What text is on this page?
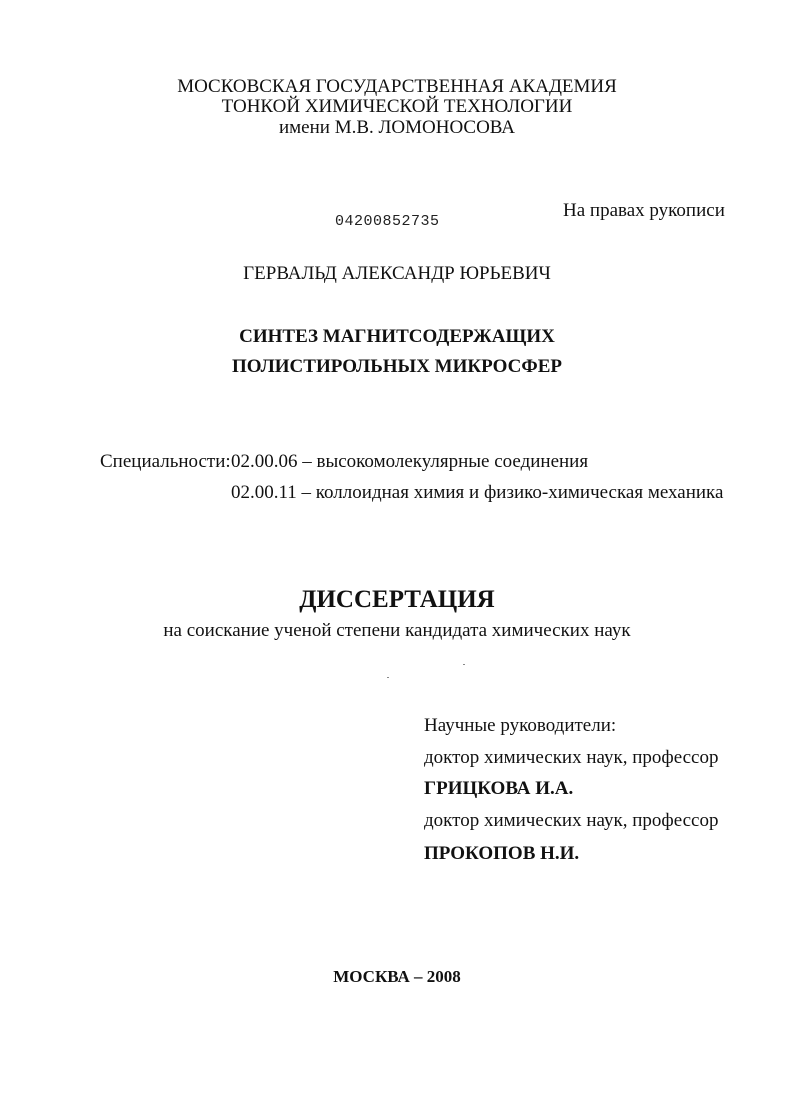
МОСКОВСКАЯ ГОСУДАРСТВЕННАЯ АКАДЕМИЯ
ТОНКОЙ ХИМИЧЕСКОЙ ТЕХНОЛОГИИ
имени М.В. ЛОМОНОСОВА
04200852735
На правах рукописи
ГЕРВАЛЬД АЛЕКСАНДР ЮРЬЕВИЧ
СИНТЕЗ МАГНИТСОДЕРЖАЩИХ
ПОЛИСТИРОЛЬНЫХ МИКРОСФЕР
Специальности: 02.00.06 – высокомолекулярные соединения
02.00.11 – коллоидная химия и физико-химическая механика
ДИССЕРТАЦИЯ
на соискание ученой степени кандидата химических наук
Научные руководители:
доктор химических наук, профессор
ГРИЦКОВА И.А.
доктор химических наук, профессор
ПРОКОПОВ Н.И.
МОСКВА – 2008
